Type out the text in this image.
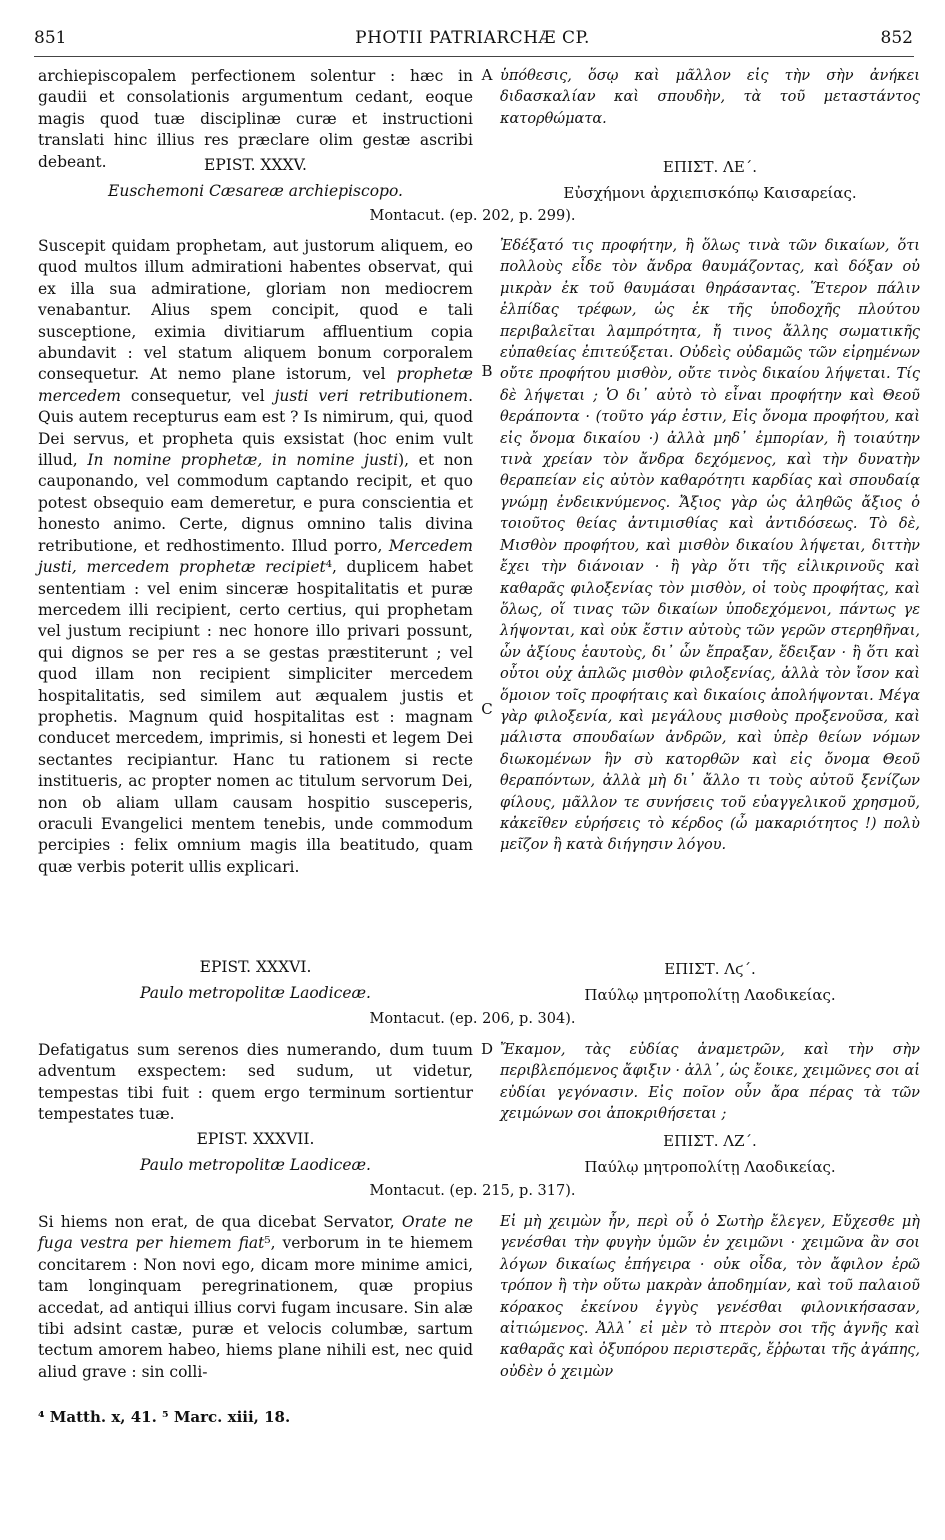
851	PHOTII PATRIARCHÆ CP.	852
archiepiscopalem perfectionem solentur : hæc in gaudii et consolationis argumentum cedant, eoque magis quod tuæ disciplinæ curæ et instructioni translati hinc illius res præclare olim gestæ ascribi debeant.
ὑπόθεσις, ὅσῳ καὶ μᾶλλον εἰς τὴν σὴν ἀνήκει διδασκαλίαν καὶ σπουδὴν, τὰ τοῦ μεταστάντος κατορθώματα.
A
EPIST. XXXV.	ΕΠΙΣΤ. ΛΕ΄.
Euschemoni Cæsareæ archiepiscopo.	Εὐσχήμονι ἀρχιεπισκόπῳ Καισαρείας.
Montacut. (ep. 202, p. 299).
Suscepit quidam prophetam, aut justorum aliquem, eo quod multos illum admirationi habentes observat, qui ex illa sua admiratione, gloriam non mediocrem venabantur. Alius spem concipit, quod e tali susceptione, eximia divitiarum affluentium copia abundavit : vel statum aliquem bonum corporalem consequetur. At nemo plane istorum, vel prophetæ mercedem consequetur, vel justi veri retributionem. Quis autem recepturus eam est ? Is nimirum, qui, quod Dei servus, et propheta quis exsistat (hoc enim vult illud, In nomine prophetæ, in nomine justi), et non cauponando, vel commodum captando recipit, et quo potest obsequio eam demeretur, e pura conscientia et honesto animo. Certe, dignus omnino talis divina retributione, et redhostimento. Illud porro, Mercedem justi, mercedem prophetæ recipiet⁴, duplicem habet sententiam : vel enim sinceræ hospitalitatis et puræ mercedem illi recipient, certo certius, qui prophetam vel justum recipiunt : nec honore illo privari possunt, qui dignos se per res a se gestas præstiterunt ; vel quod illam non recipient simpliciter mercedem hospitalitatis, sed similem aut æqualem justis et prophetis. Magnum quid hospitalitas est : magnam conducet mercedem, imprimis, si honesti et legem Dei sectantes recipiantur. Hanc tu rationem si recte institueris, ac propter nomen ac titulum servorum Dei, non ob aliam ullam causam hospitio susceperis, oraculi Evangelici mentem tenebis, unde commodum percipies : felix omnium magis illa beatitudo, quam quæ verbis poterit ullis explicari.
Ἐδέξατό τις προφήτην, ἢ ὅλως τινὰ τῶν δικαίων, ὅτι πολλοὺς εἶδε τὸν ἄνδρα θαυμάζοντας, καὶ δόξαν οὐ μικρὰν ἐκ τοῦ θαυμάσαι θηράσαντας. Ἕτερον πάλιν ἐλπίδας τρέφων, ὡς ἐκ τῆς ὑποδοχῆς πλούτου περιβαλεῖται λαμπρότητα, ἤ τινος ἄλλης σωματικῆς εὐπαθείας ἐπιτεύξεται. Οὐδεὶς οὐδαμῶς τῶν εἰρημένων οὔτε προφήτου μισθὸν, οὔτε τινὸς δικαίου λήψεται. Τίς δὲ λήψεται ; Ὁ δι᾽ αὐτὸ τὸ εἶναι προφήτην καὶ Θεοῦ θεράποντα · (τοῦτο γάρ ἐστιν, Εἰς ὄνομα προφήτου, καὶ εἰς ὄνομα δικαίου ·) ἀλλὰ μηδ᾽ ἐμπορίαν, ἢ τοιαύτην τινὰ χρείαν τὸν ἄνδρα δεχόμενος, καὶ τὴν δυνατὴν θεραπείαν εἰς αὐτὸν καθαρότητι καρδίας καὶ σπουδαίᾳ γνώμῃ ἐνδεικνύμενος. Ἄξιος γὰρ ὡς ἀληθῶς ἄξιος ὁ τοιοῦτος θείας ἀντιμισθίας καὶ ἀντιδόσεως. Τὸ δὲ, Μισθὸν προφήτου, καὶ μισθὸν δικαίου λήψεται, διττὴν ἔχει τὴν διάνοιαν · ἢ γὰρ ὅτι τῆς εἰλικρινοῦς καὶ καθαρᾶς φιλοξενίας τὸν μισθὸν, οἱ τοὺς προφήτας, καὶ ὅλως, οἵ τινας τῶν δικαίων ὑποδεχόμενοι, πάντως γε λήψονται, καὶ οὐκ ἔστιν αὐτοὺς τῶν γερῶν στερηθῆναι, ὧν ἀξίους ἑαυτοὺς, δι᾽ ὧν ἔπραξαν, ἔδειξαν · ἢ ὅτι καὶ οὗτοι οὐχ ἁπλῶς μισθὸν φιλοξενίας, ἀλλὰ τὸν ἴσον καὶ ὅμοιον τοῖς προφήταις καὶ δικαίοις ἀπολήψονται. Μέγα γὰρ φιλοξενία, καὶ μεγάλους μισθοὺς προξενοῦσα, καὶ μάλιστα σπουδαίων ἀνδρῶν, καὶ ὑπὲρ θείων νόμων διωκομένων ἣν σὺ κατορθῶν καὶ εἰς ὄνομα Θεοῦ θεραπόντων, ἀλλὰ μὴ δι᾽ ἄλλο τι τοὺς αὐτοῦ ξενίζων φίλους, μᾶλλον τε συνήσεις τοῦ εὐαγγελικοῦ χρησμοῦ, κἀκεῖθεν εὑρήσεις τὸ κέρδος (ὦ μακαριότητος !) πολὺ μεῖζον ἢ κατὰ διήγησιν λόγου.
B
C
EPIST. XXXVI.	ΕΠΙΣΤ. Λϛ΄.
Paulo metropolitæ Laodiceæ.	Παύλῳ μητροπολίτῃ Λαοδικείας.
Montacut. (ep. 206, p. 304).
Defatigatus sum serenos dies numerando, dum tuum adventum exspectem: sed sudum, ut videtur, tempestas tibi fuit : quem ergo terminum sortientur tempestates tuæ.
Ἔκαμον, τὰς εὐδίας ἀναμετρῶν, καὶ τὴν σὴν περιβλεπόμενος ἄφιξιν · ἀλλ᾽, ὡς ἔοικε, χειμῶνες σοι αἱ εὐδίαι γεγόνασιν. Εἰς ποῖον οὖν ἄρα πέρας τὰ τῶν χειμώνων σοι ἀποκριθήσεται ;
D
EPIST. XXXVII.	ΕΠΙΣΤ. ΛΖ΄.
Paulo metropolitæ Laodiceæ.	Παύλῳ μητροπολίτῃ Λαοδικείας.
Montacut. (ep. 215, p. 317).
Si hiems non erat, de qua dicebat Servator, Orate ne fuga vestra per hiemem fiat⁵, verborum in te hiemem concitarem : Non novi ego, dicam more minime amici, tam longinquam peregrinationem, quæ propius accedat, ad antiqui illius corvi fugam incusare. Sin alæ tibi adsint castæ, puræ et velocis columbæ, sartum tectum amorem habeo, hiems plane nihili est, nec quid aliud grave : sin colli-
Εἰ μὴ χειμὼν ἦν, περὶ οὗ ὁ Σωτὴρ ἔλεγεν, Εὔχεσθε μὴ γενέσθαι τὴν φυγὴν ὑμῶν ἐν χειμῶνι · χειμῶνα ἂν σοι λόγων δικαίως ἐπήγειρα · οὐκ οἶδα, τὸν ἄφιλον ἐρῶ τρόπον ἢ τὴν οὕτω μακρὰν ἀποδημίαν, καὶ τοῦ παλαιοῦ κόρακος ἐκείνου ἐγγὺς γενέσθαι φιλονικήσασαν, αἰτιώμενος. Ἀλλ᾽ εἰ μὲν τὸ πτερὸν σοι τῆς ἁγνῆς καὶ καθαρᾶς καὶ ὀξυπόρου περιστερᾶς, ἔῤῥωται τῆς ἀγάπης, οὐδὲν ὁ χειμὼν
⁴ Matth. x, 41. ⁵ Marc. xiii, 18.
